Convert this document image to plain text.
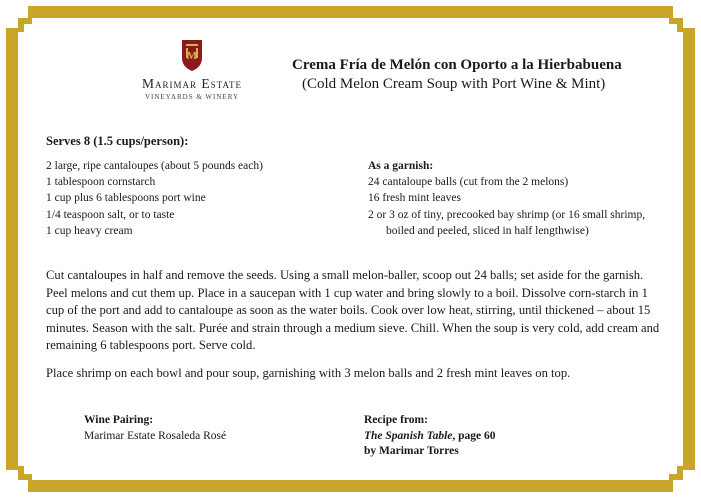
M
Marimar Estate
VINEYARDS & WINERY
Crema Fría de Melón con Oporto a la Hierbabuena
(Cold Melon Cream Soup with Port Wine & Mint)
Serves 8 (1.5 cups/person):
2 large, ripe cantaloupes (about 5 pounds each)
1 tablespoon cornstarch
1 cup plus 6 tablespoons port wine
1/4 teaspoon salt, or to taste
1 cup heavy cream
As a garnish:
24 cantaloupe balls (cut from the 2 melons)
16 fresh mint leaves
2 or 3 oz of tiny, precooked bay shrimp (or 16 small shrimp,
boiled and peeled, sliced in half lengthwise)

Cut cantaloupes in half and remove the seeds. Using a small melon-baller, scoop out 24 balls; set aside for the garnish.

Peel melons and cut them up. Place in a saucepan with 1 cup water and bring slowly to a boil. Dissolve corn-starch in 1 cup of the port and add to cantaloupe as soon as the water boils. Cook over low heat, stirring, until thickened – about 15 minutes. Season with the salt. Purée and strain through a medium sieve. Chill. When the soup is very cold, add cream and remaining 6 tablespoons port. Serve cold.

Place shrimp on each bowl and pour soup, garnishing with 3 melon balls and 2 fresh mint leaves on top.

Wine Pairing:
Marimar Estate Rosaleda Rosé
Recipe from:
The Spanish Table, page 60
by Marimar Torres
